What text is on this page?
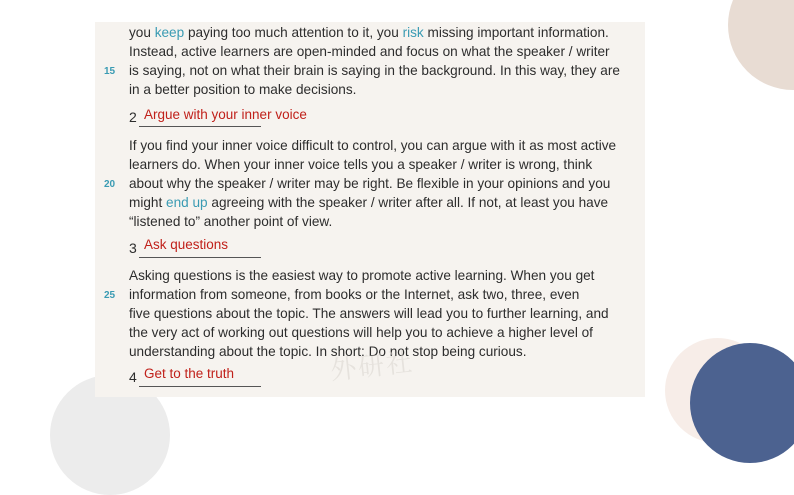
you keep paying too much attention to it, you risk missing important information.
Instead, active learners are open-minded and focus on what the speaker / writer
15 is saying, not on what their brain is saying in the background. In this way, they are
in a better position to make decisions.
2 Argue with your inner voice
If you find your inner voice difficult to control, you can argue with it as most active
learners do. When your inner voice tells you a speaker / writer is wrong, think
20 about why the speaker / writer may be right. Be flexible in your opinions and you
might end up agreeing with the speaker / writer after all. If not, at least you have
“listened to” another point of view.
3 Ask questions
Asking questions is the easiest way to promote active learning. When you get
25 information from someone, from books or the Internet, ask two, three, even
five questions about the topic. The answers will lead you to further learning, and
the very act of working out questions will help you to achieve a higher level of
understanding about the topic. In short: Do not stop being curious.
4 Get to the truth	外研社
